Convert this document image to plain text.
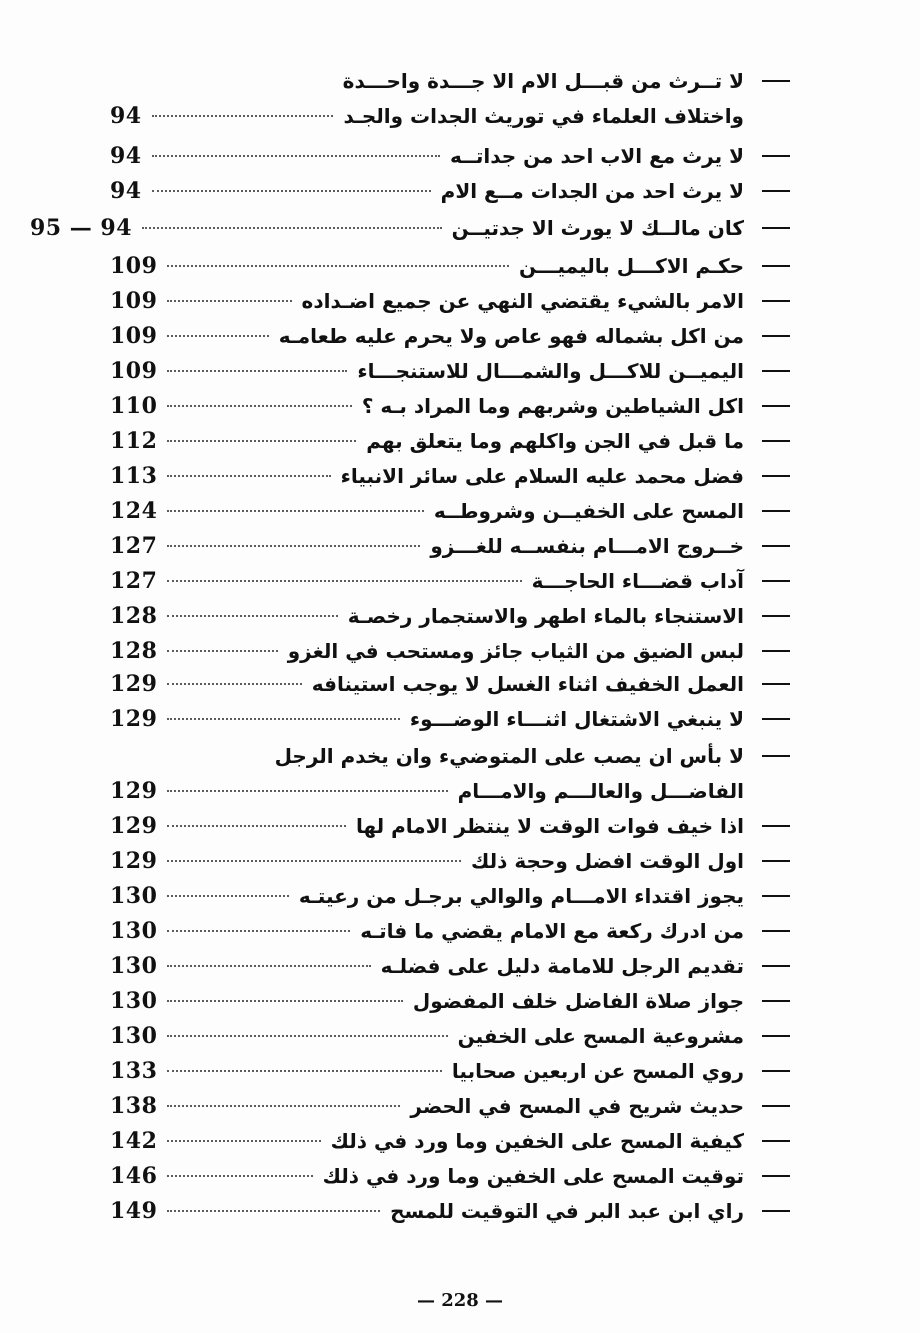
لا تــرث من قبـــل الام الا جـــدة واحـــدة
واختلاف العلماء في توريث الجدات والجـد
94
لا يرث مع الاب احد من جداتــه
94
لا يرث احد من الجدات مــع الام
94
كان مالــك لا يورث الا جدتيــن
95 — 94
حكـم الاكـــل باليميـــن
109
الامر بالشيء يقتضي النهي عن جميع اضـداده
109
من اكل بشماله فهو عاص ولا يحرم عليه طعامـه
109
اليميــن للاكـــل والشمـــال للاستنجـــاء
109
اكل الشياطين وشربهم وما المراد بـه ؟
110
ما قبل في الجن واكلهم وما يتعلق بهم
112
فضل محمد عليه السلام على سائر الانبياء
113
المسح على الخفيــن وشروطــه
124
خــروج الامـــام بنفســه للغـــزو
127
آداب قضـــاء الحاجـــة
127
الاستنجاء بالماء اطهر والاستجمار رخصـة
128
لبس الضيق من الثياب جائز ومستحب في الغزو
128
العمل الخفيف اثناء الغسل لا يوجب استينافه
129
لا ينبغي الاشتغال اثنـــاء الوضـــوء
129
لا بأس ان يصب على المتوضيء وان يخدم الرجل
الفاضـــل والعالـــم والامـــام
129
اذا خيف فوات الوقت لا ينتظر الامام لها
129
اول الوقت افضل وحجة ذلك
129
يجوز اقتداء الامـــام والوالي برجـل من رعيتـه
130
من ادرك ركعة مع الامام يقضي ما فاتـه
130
تقديم الرجل للامامة دليل على فضلـه
130
جواز صلاة الفاضل خلف المفضول
130
مشروعية المسح على الخفين
130
روي المسح عن اربعين صحابيا
133
حديث شريح في المسح في الحضر
138
كيفية المسح على الخفين وما ورد في ذلك
142
توقيت المسح على الخفين وما ورد في ذلك
146
راي ابن عبد البر في التوقيت للمسح
149
— 228 —
